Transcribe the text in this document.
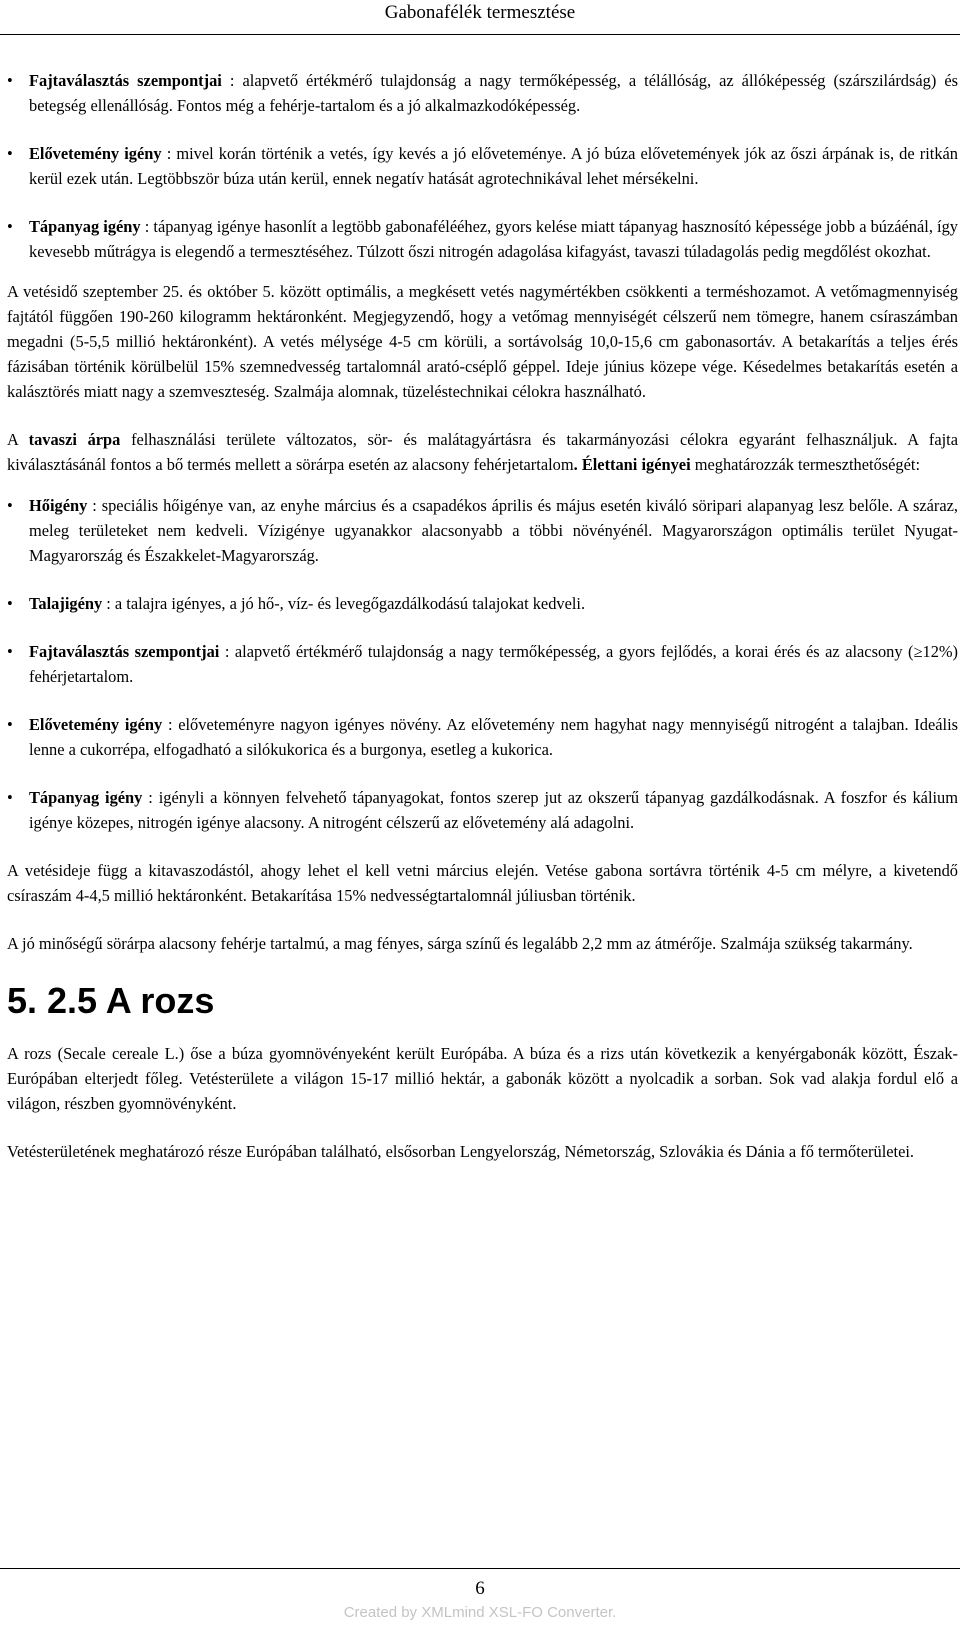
Gabonafélék termesztése
• Fajtaválasztás szempontjai : alapvető értékmérő tulajdonság a nagy termőképesség, a télállóság, az állóképesség (szárszilárdság) és betegség ellenállóság. Fontos még a fehérje-tartalom és a jó alkalmazkodóképesség.
• Elővetemény igény : mivel korán történik a vetés, így kevés a jó előveteménye. A jó búza elővetemények jók az őszi árpának is, de ritkán kerül ezek után. Legtöbbször búza után kerül, ennek negatív hatását agrotechnikával lehet mérsékelni.
• Tápanyag igény : tápanyag igénye hasonlít a legtöbb gabonafélééhez, gyors kelése miatt tápanyag hasznosító képessége jobb a búzáénál, így kevesebb műtrágya is elegendő a termesztéséhez. Túlzott őszi nitrogén adagolása kifagyást, tavaszi túladagolás pedig megdőlést okozhat.

A vetésidő szeptember 25. és október 5. között optimális, a megkésett vetés nagymértékben csökkenti a terméshozamot. A vetőmagmennyiség fajtától függően 190-260 kilogramm hektáronként. Megjegyzendő, hogy a vetőmag mennyiségét célszerű nem tömegre, hanem csíraszámban megadni (5-5,5 millió hektáronként). A vetés mélysége 4-5 cm körüli, a sortávolság 10,0-15,6 cm gabonasortáv. A betakarítás a teljes érés fázisában történik körülbelül 15% szemnedvesség tartalomnál arató-cséplő géppel. Ideje június közepe vége. Késedelmes betakarítás esetén a kalásztörés miatt nagy a szemveszteség. Szalmája alomnak, tüzeléstechnikai célokra használható.

A tavaszi árpa felhasználási területe változatos, sör- és malátagyártásra és takarmányozási célokra egyaránt felhasználjuk. A fajta kiválasztásánál fontos a bő termés mellett a sörárpa esetén az alacsony fehérjetartalom. Élettani igényei meghatározzák termeszthetőségét:

• Hőigény : speciális hőigénye van, az enyhe március és a csapadékos április és május esetén kiváló söripari alapanyag lesz belőle. A száraz, meleg területeket nem kedveli. Vízigénye ugyanakkor alacsonyabb a többi növényénél. Magyarországon optimális terület Nyugat-Magyarország és Északkelet-Magyarország.
• Talajigény : a talajra igényes, a jó hő-, víz- és levegőgazdálkodású talajokat kedveli.
• Fajtaválasztás szempontjai : alapvető értékmérő tulajdonság a nagy termőképesség, a gyors fejlődés, a korai érés és az alacsony (≥12%) fehérjetartalom.
• Elővetemény igény : előveteményre nagyon igényes növény. Az elővetemény nem hagyhat nagy mennyiségű nitrogént a talajban. Ideális lenne a cukorrépa, elfogadható a silókukorica és a burgonya, esetleg a kukorica.
• Tápanyag igény : igényli a könnyen felvehető tápanyagokat, fontos szerep jut az okszerű tápanyag gazdálkodásnak. A foszfor és kálium igénye közepes, nitrogén igénye alacsony. A nitrogént célszerű az elővetemény alá adagolni.

A vetésideje függ a kitavaszodástól, ahogy lehet el kell vetni március elején. Vetése gabona sortávra történik 4-5 cm mélyre, a kivetendő csíraszám 4-4,5 millió hektáronként. Betakarítása 15% nedvességtartalomnál júliusban történik.

A jó minőségű sörárpa alacsony fehérje tartalmú, a mag fényes, sárga színű és legalább 2,2 mm az átmérője. Szalmája szükség takarmány.

5. 2.5 A rozs

A rozs (Secale cereale L.) őse a búza gyomnövényeként került Európába. A búza és a rizs után következik a kenyérgabonák között, Észak-Európában elterjedt főleg. Vetésterülete a világon 15-17 millió hektár, a gabonák között a nyolcadik a sorban. Sok vad alakja fordul elő a világon, részben gyomnövényként.

Vetésterületének meghatározó része Európában található, elsősorban Lengyelország, Németország, Szlovákia és Dánia a fő termőterületei.

6
Created by XMLmind XSL-FO Converter.
